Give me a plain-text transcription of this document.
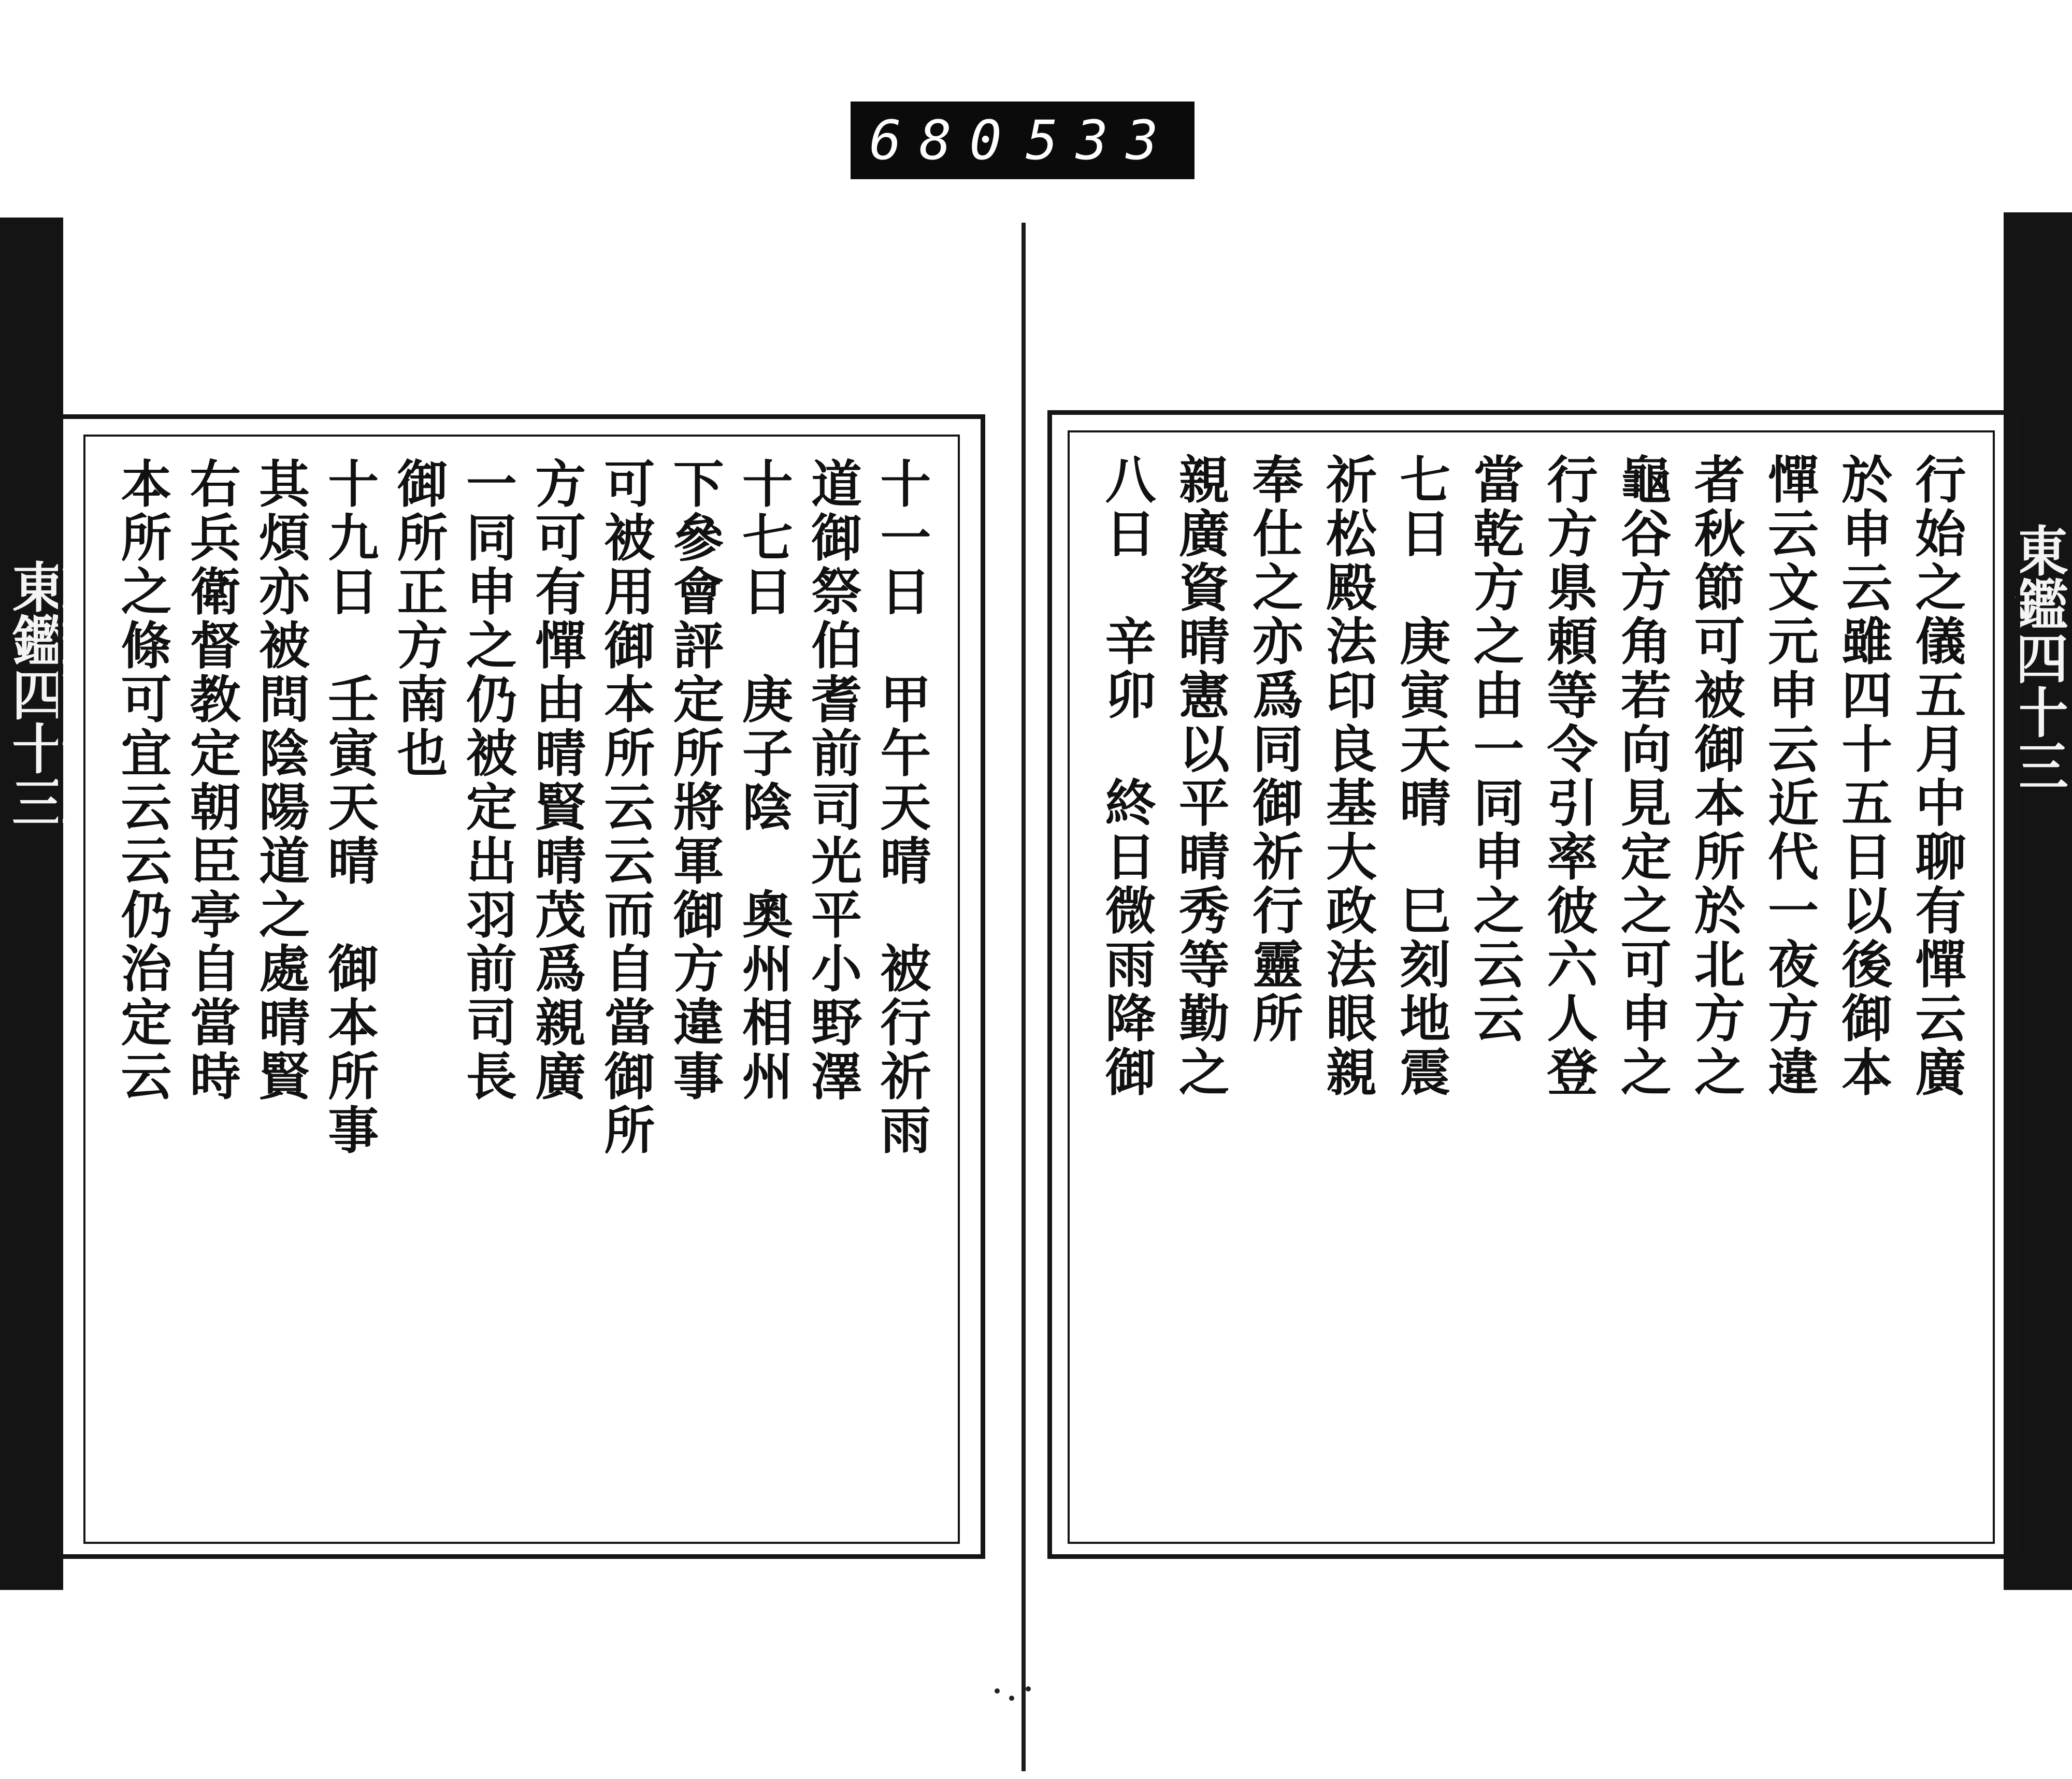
680 533
東鑑四十三	東鑑四十三
十一日　甲午天晴　被行祈雨
道御祭伯耆前司光平小野澤
十七日　庚子陰　奧州相州
下參會評定所將軍御方違事
可被用御本所云云而自當御所
方可有憚由晴賢晴茂爲親廣
一同申之仍被定出羽前司長
御所正方南也
十九日　壬寅天晴　御本所事
其煩亦被問陰陽道之處晴賢
右兵衛督教定朝臣亭自當時
本所之條可宜云云仍治定云	行始之儀五月中聊有憚云廣
於申云雖四十五日以後御本
憚云文元申云近代一夜方違
者秋節可被御本所於北方之
龜谷方角若向見定之可申之
行方県頼等令引率彼六人登
當乾方之由一同申之云云
七日　庚寅天晴　巳刻地震
祈松殿法印良基大政法眼親
奉仕之亦爲同御祈行靈所
親廣資晴憲以平晴秀等勤之
八日　辛卯　終日微雨降御
